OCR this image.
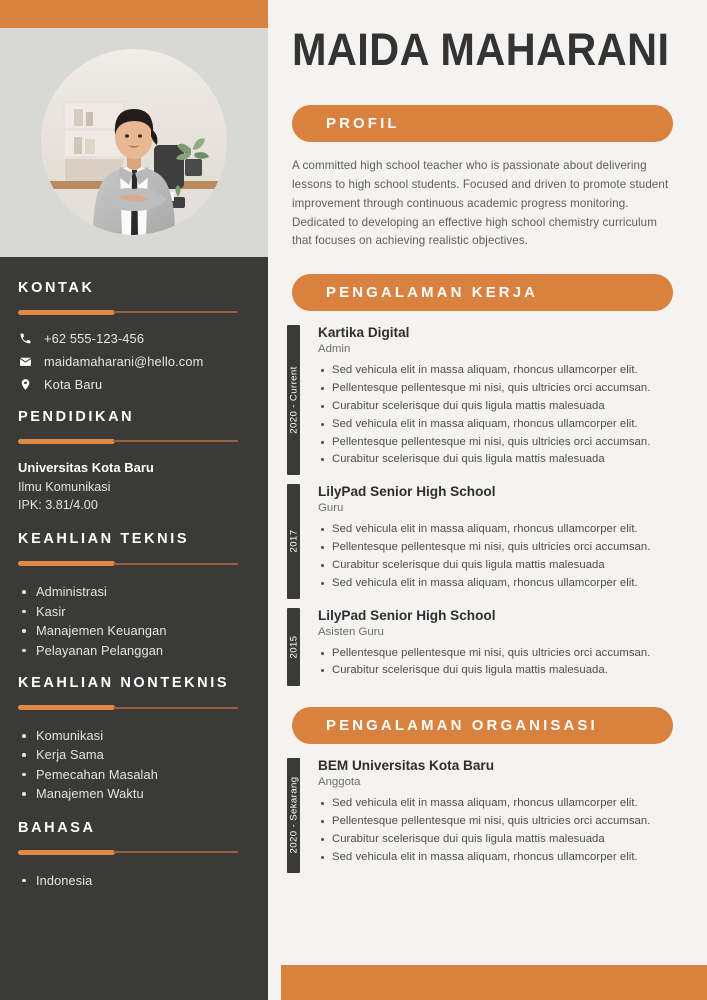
KONTAK
+62 555-123-456
maidamaharani@hello.com
Kota Baru
PENDIDIKAN
Universitas Kota Baru
Ilmu Komunikasi
IPK: 3.81/4.00
KEAHLIAN TEKNIS
Administrasi
Kasir
Manajemen Keuangan
Pelayanan Pelanggan
KEAHLIAN NONTEKNIS
Komunikasi
Kerja Sama
Pemecahan Masalah
Manajemen Waktu
BAHASA
Indonesia
MAIDA MAHARANI
PROFIL
A committed high school teacher who is passionate about delivering lessons to high school students. Focused and driven to promote student improvement through continuous academic progress monitoring. Dedicated to developing an effective high school chemistry curriculum that focuses on achieving realistic objectives.
PENGALAMAN KERJA
2020 - Current
Kartika Digital
Admin
Sed vehicula elit in massa aliquam, rhoncus ullamcorper elit.
Pellentesque pellentesque mi nisi, quis ultricies orci accumsan.
Curabitur scelerisque dui quis ligula mattis malesuada
Sed vehicula elit in massa aliquam, rhoncus ullamcorper elit.
Pellentesque pellentesque mi nisi, quis ultricies orci accumsan.
Curabitur scelerisque dui quis ligula mattis malesuada
2017
LilyPad Senior High School
Guru
Sed vehicula elit in massa aliquam, rhoncus ullamcorper elit.
Pellentesque pellentesque mi nisi, quis ultricies orci accumsan.
Curabitur scelerisque dui quis ligula mattis malesuada
Sed vehicula elit in massa aliquam, rhoncus ullamcorper elit.
2015
LilyPad Senior High School
Asisten Guru
Pellentesque pellentesque mi nisi, quis ultricies orci accumsan.
Curabitur scelerisque dui quis ligula mattis malesuada.
PENGALAMAN ORGANISASI
2020 - Sekarang
BEM Universitas Kota Baru
Anggota
Sed vehicula elit in massa aliquam, rhoncus ullamcorper elit.
Pellentesque pellentesque mi nisi, quis ultricies orci accumsan.
Curabitur scelerisque dui quis ligula mattis malesuada
Sed vehicula elit in massa aliquam, rhoncus ullamcorper elit.
